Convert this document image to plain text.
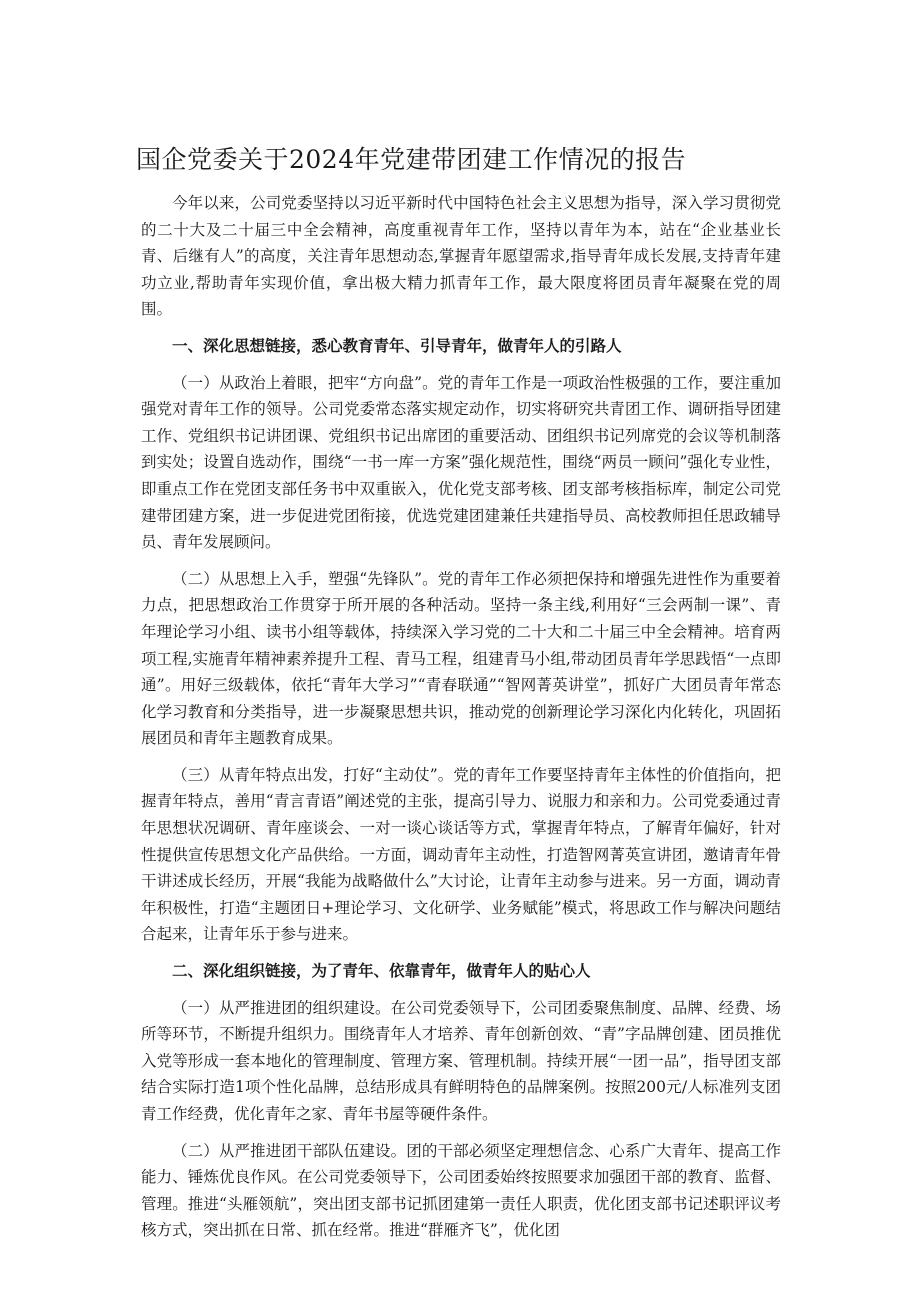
国企党委关于2024年党建带团建工作情况的报告

今年以来，公司党委坚持以习近平新时代中国特色社会主义思想为指导，深入学习贯彻党的二十大及二十届三中全会精神，高度重视青年工作，坚持以青年为本，站在“企业基业长青、后继有人”的高度，关注青年思想动态,掌握青年愿望需求,指导青年成长发展,支持青年建功立业,帮助青年实现价值，拿出极大精力抓青年工作，最大限度将团员青年凝聚在党的周围。

一、深化思想链接，悉心教育青年、引导青年，做青年人的引路人

（一）从政治上着眼，把牢“方向盘”。党的青年工作是一项政治性极强的工作，要注重加强党对青年工作的领导。公司党委常态落实规定动作，切实将研究共青团工作、调研指导团建工作、党组织书记讲团课、党组织书记出席团的重要活动、团组织书记列席党的会议等机制落到实处；设置自选动作，围绕“一书一库一方案”强化规范性，围绕“两员一顾问”强化专业性，即重点工作在党团支部任务书中双重嵌入，优化党支部考核、团支部考核指标库，制定公司党建带团建方案，进一步促进党团衔接，优选党建团建兼任共建指导员、高校教师担任思政辅导员、青年发展顾问。

（二）从思想上入手，塑强“先锋队”。党的青年工作必须把保持和增强先进性作为重要着力点，把思想政治工作贯穿于所开展的各种活动。坚持一条主线,利用好“三会两制一课”、青年理论学习小组、读书小组等载体，持续深入学习党的二十大和二十届三中全会精神。培育两项工程,实施青年精神素养提升工程、青马工程，组建青马小组,带动团员青年学思践悟“一点即通”。用好三级载体，依托“青年大学习”“青春联通”“智网菁英讲堂”，抓好广大团员青年常态化学习教育和分类指导，进一步凝聚思想共识，推动党的创新理论学习深化内化转化，巩固拓展团员和青年主题教育成果。

（三）从青年特点出发，打好“主动仗”。党的青年工作要坚持青年主体性的价值指向，把握青年特点，善用“青言青语”阐述党的主张，提高引导力、说服力和亲和力。公司党委通过青年思想状况调研、青年座谈会、一对一谈心谈话等方式，掌握青年特点，了解青年偏好，针对性提供宣传思想文化产品供给。一方面，调动青年主动性，打造智网菁英宣讲团，邀请青年骨干讲述成长经历，开展“我能为战略做什么”大讨论，让青年主动参与进来。另一方面，调动青年积极性，打造“主题团日+理论学习、文化研学、业务赋能”模式，将思政工作与解决问题结合起来，让青年乐于参与进来。

二、深化组织链接，为了青年、依靠青年，做青年人的贴心人

（一）从严推进团的组织建设。在公司党委领导下，公司团委聚焦制度、品牌、经费、场所等环节，不断提升组织力。围绕青年人才培养、青年创新创效、“青”字品牌创建、团员推优入党等形成一套本地化的管理制度、管理方案、管理机制。持续开展“一团一品”，指导团支部结合实际打造1项个性化品牌，总结形成具有鲜明特色的品牌案例。按照200元/人标准列支团青工作经费，优化青年之家、青年书屋等硬件条件。

（二）从严推进团干部队伍建设。团的干部必须坚定理想信念、心系广大青年、提高工作能力、锤炼优良作风。在公司党委领导下，公司团委始终按照要求加强团干部的教育、监督、管理。推进“头雁领航”，突出团支部书记抓团建第一责任人职责，优化团支部书记述职评议考核方式，突出抓在日常、抓在经常。推进“群雁齐飞”，优化团
